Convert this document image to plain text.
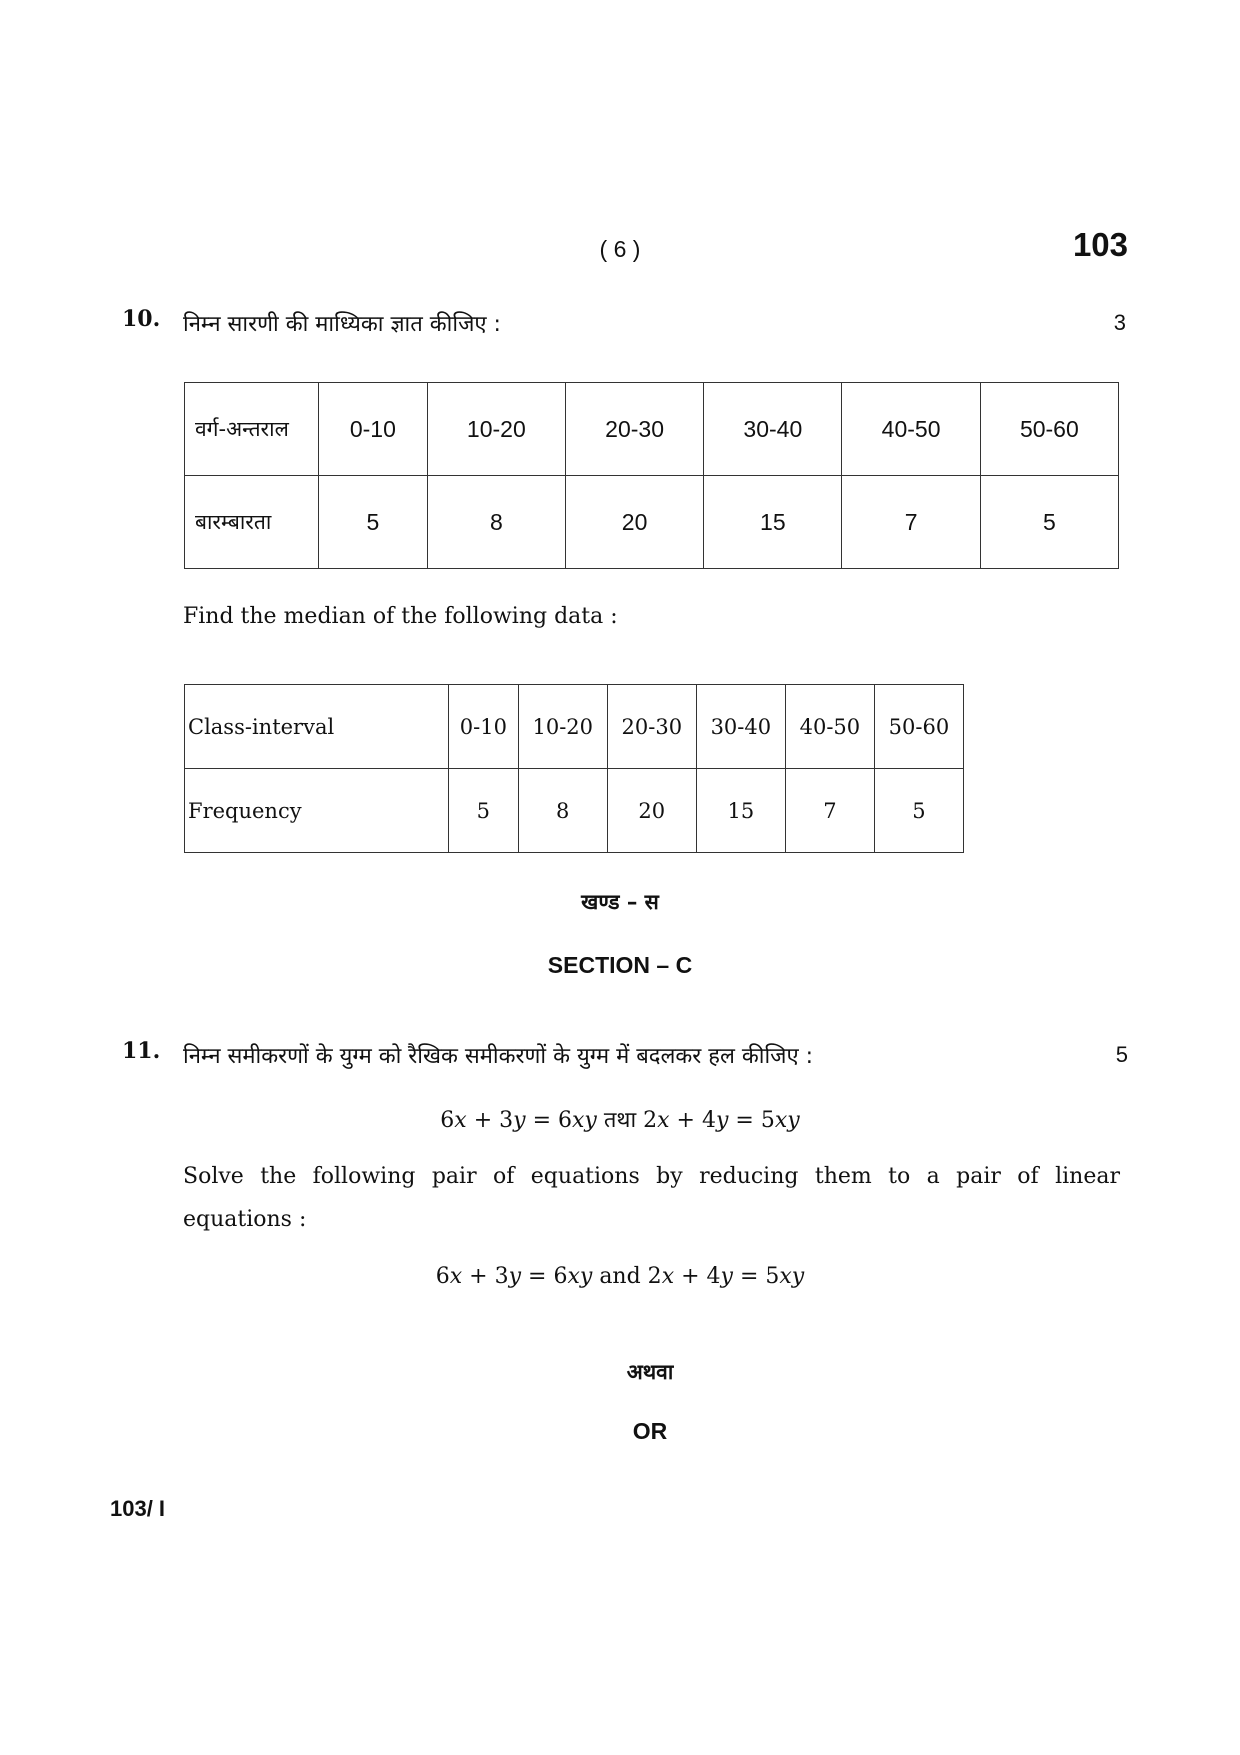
( 6 )	103
10. निम्न सारणी की माध्यिका ज्ञात कीजिए :	3
वर्ग-अन्तराल	0-10	10-20	20-30	30-40	40-50	50-60
बारम्बारता	5	8	20	15	7	5
Find the median of the following data :
Class-interval	0-10	10-20	20-30	30-40	40-50	50-60
Frequency	5	8	20	15	7	5
खण्ड – स
SECTION – C
11. निम्न समीकरणों के युग्म को रैखिक समीकरणों के युग्म में बदलकर हल कीजिए :	5
6x + 3y = 6xy तथा 2x + 4y = 5xy
Solve the following pair of equations by reducing them to a pair of linear
equations :
6x + 3y = 6xy and 2x + 4y = 5xy
अथवा
OR
103/ I
